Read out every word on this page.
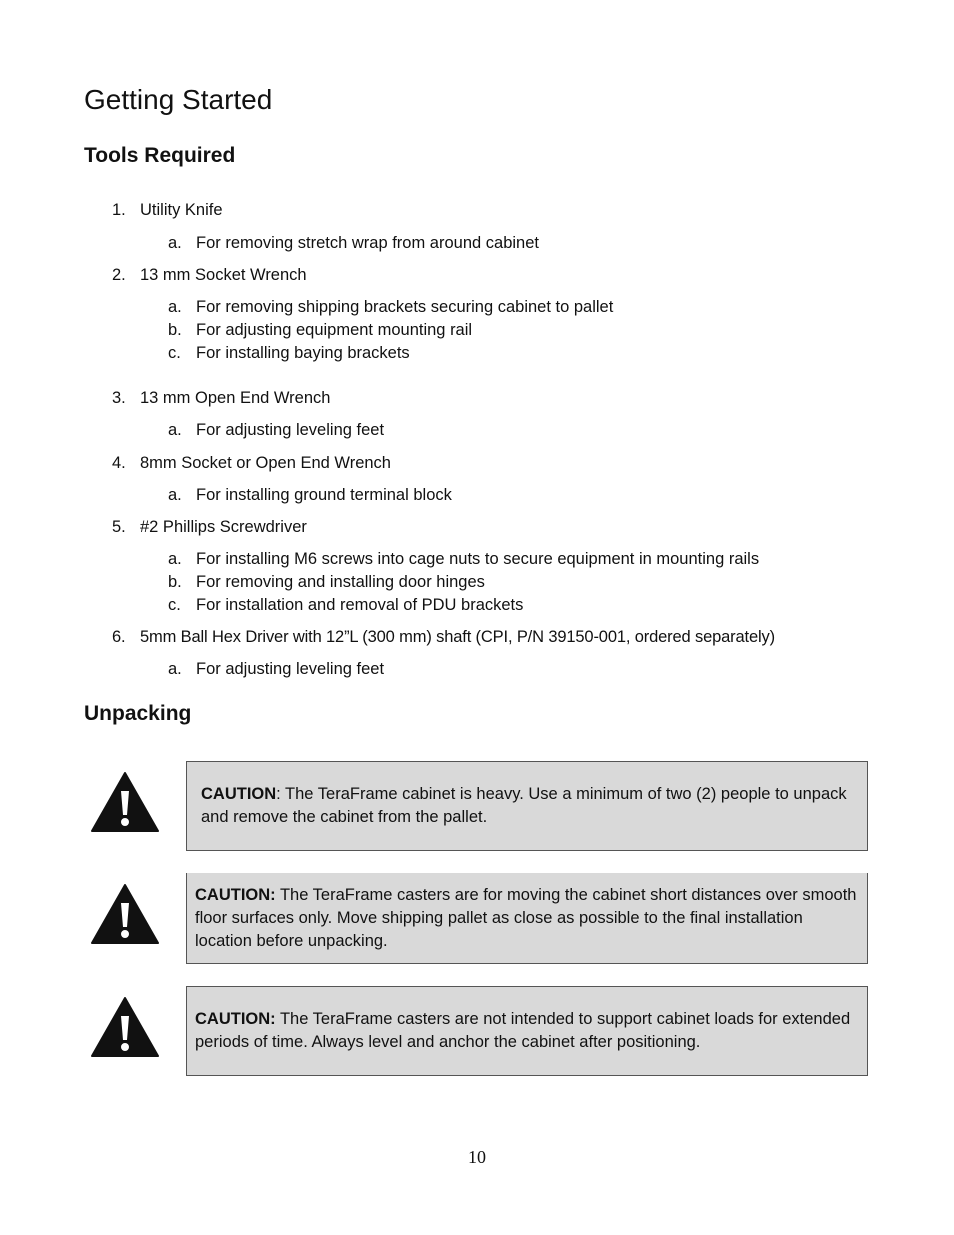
Getting Started
Tools Required
1. Utility Knife
a. For removing stretch wrap from around cabinet
2. 13 mm Socket Wrench
a. For removing shipping brackets securing cabinet to pallet
b. For adjusting equipment mounting rail
c. For installing baying brackets
3. 13 mm Open End Wrench
a. For adjusting leveling feet
4. 8mm Socket or Open End Wrench
a. For installing ground terminal block
5. #2 Phillips Screwdriver
a. For installing M6 screws into cage nuts to secure equipment in mounting rails
b. For removing and installing door hinges
c. For installation and removal of PDU brackets
6. 5mm Ball Hex Driver with 12”L (300 mm) shaft (CPI, P/N 39150-001, ordered separately)
a. For adjusting leveling feet
Unpacking
CAUTION: The TeraFrame cabinet is heavy. Use a minimum of two (2) people to unpack and remove the cabinet from the pallet.
CAUTION: The TeraFrame casters are for moving the cabinet short distances over smooth floor surfaces only. Move shipping pallet as close as possible to the final installation location before unpacking.
CAUTION: The TeraFrame casters are not intended to support cabinet loads for extended periods of time. Always level and anchor the cabinet after positioning.
10
